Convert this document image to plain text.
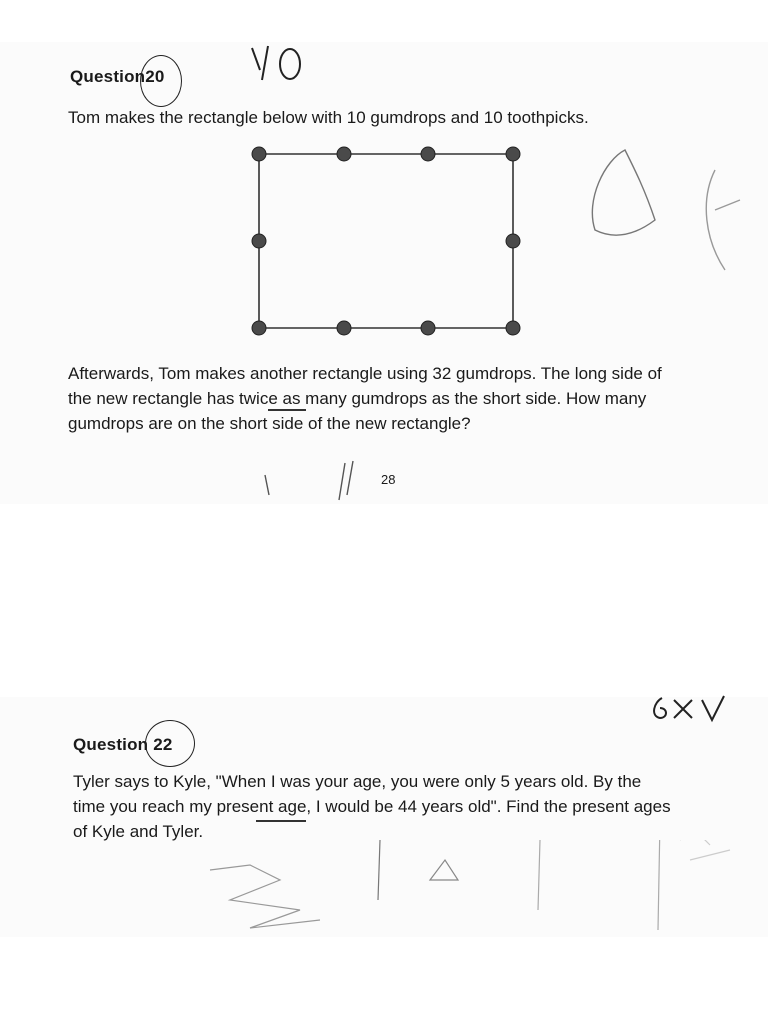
Question20
Tom makes the rectangle below with 10 gumdrops and 10 toothpicks.
Afterwards, Tom makes another rectangle using 32 gumdrops. The long side of
the new rectangle has twice as many gumdrops as the short side. How many
gumdrops are on the short side of the new rectangle?
28
Question 22
Tyler says to Kyle, "When I was your age, you were only 5 years old. By the
time you reach my present age, I would be 44 years old". Find the present ages
of Kyle and Tyler.
